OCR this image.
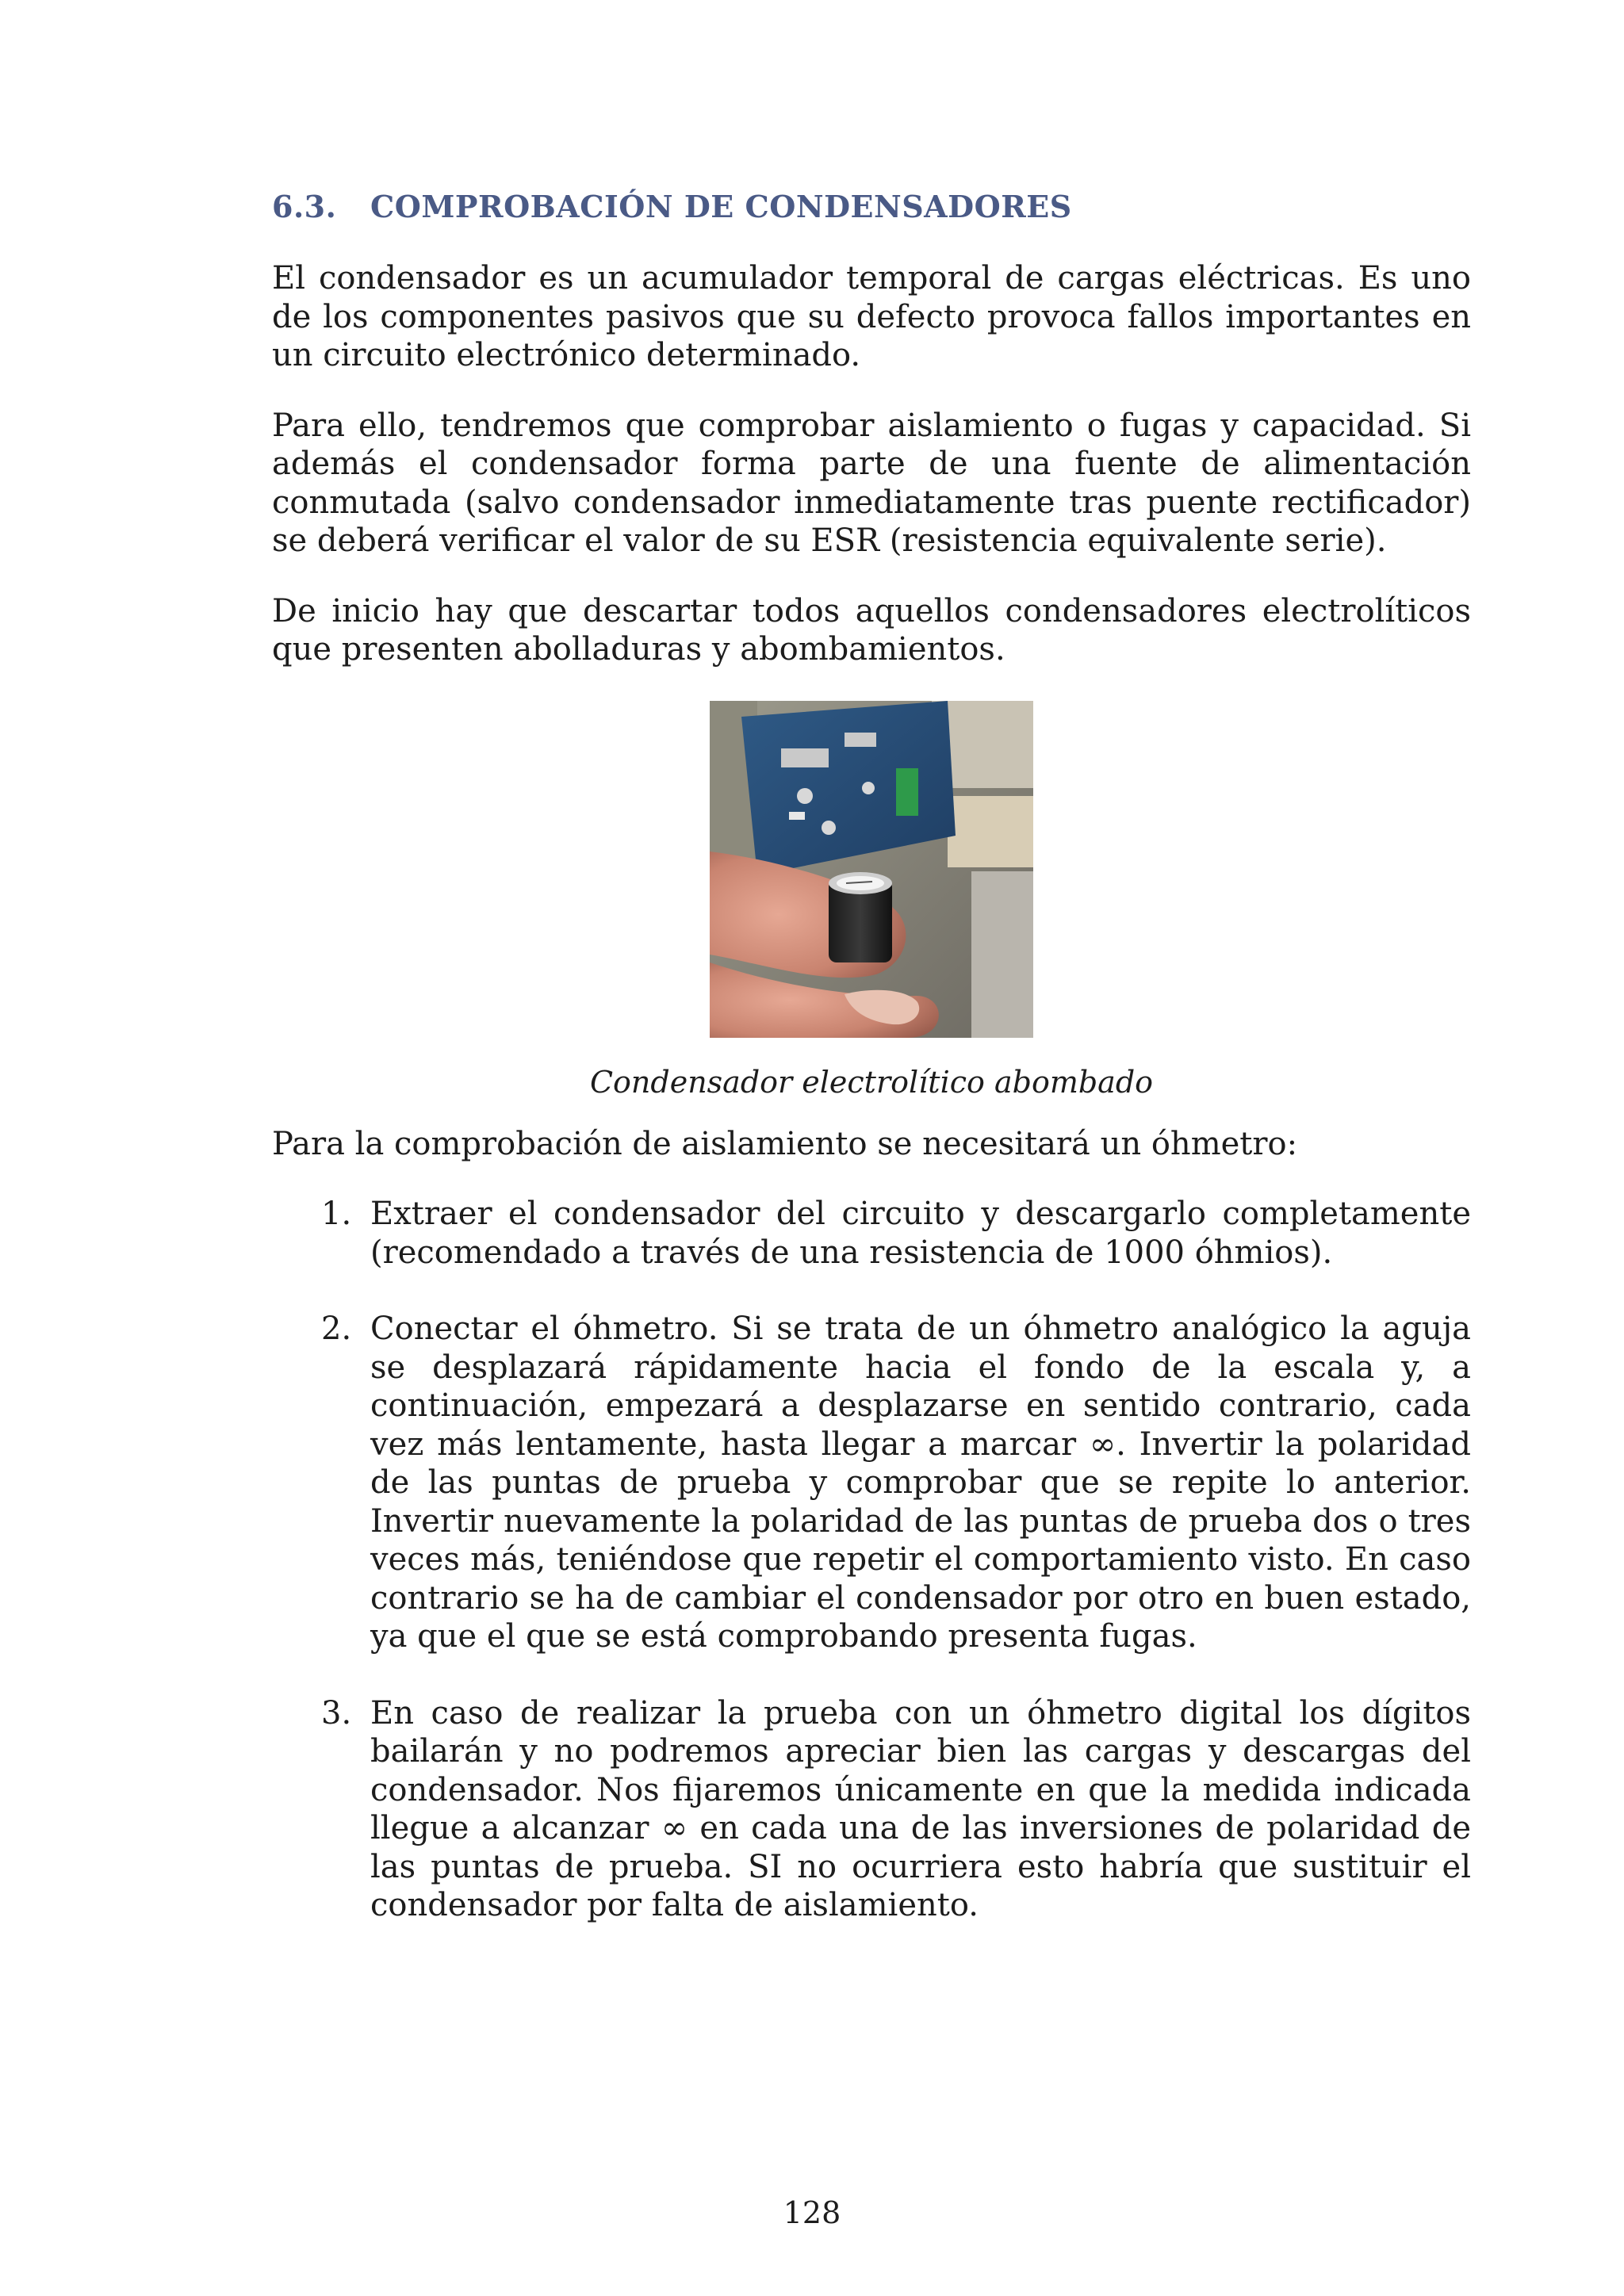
6.3.	COMPROBACIÓN DE CONDENSADORES

El condensador es un acumulador temporal de cargas eléctricas. Es uno de los componentes pasivos que su defecto provoca fallos importantes en un circuito electrónico determinado.

Para ello, tendremos que comprobar aislamiento o fugas y capacidad. Si además el condensador forma parte de una fuente de alimentación conmutada (salvo condensador inmediatamente tras puente rectificador) se deberá verificar el valor de su ESR (resistencia equivalente serie).

De inicio hay que descartar todos aquellos condensadores electrolíticos que presenten abolladuras y abombamientos.

Condensador electrolítico abombado

Para la comprobación de aislamiento se necesitará un óhmetro:

1. Extraer el condensador del circuito y descargarlo completamente (recomendado a través de una resistencia de 1000 óhmios).
2. Conectar el óhmetro. Si se trata de un óhmetro analógico la aguja se desplazará rápidamente hacia el fondo de la escala y, a continuación, empezará a desplazarse en sentido contrario, cada vez más lentamente, hasta llegar a marcar ∞. Invertir la polaridad de las puntas de prueba y comprobar que se repite lo anterior. Invertir nuevamente la polaridad de las puntas de prueba dos o tres veces más, teniéndose que repetir el comportamiento visto. En caso contrario se ha de cambiar el condensador por otro en buen estado, ya que el que se está comprobando presenta fugas.
3. En caso de realizar la prueba con un óhmetro digital los dígitos bailarán y no podremos apreciar bien las cargas y descargas del condensador. Nos fijaremos únicamente en que la medida indicada llegue a alcanzar ∞ en cada una de las inversiones de polaridad de las puntas de prueba. SI no ocurriera esto habría que sustituir el condensador por falta de aislamiento.
128
